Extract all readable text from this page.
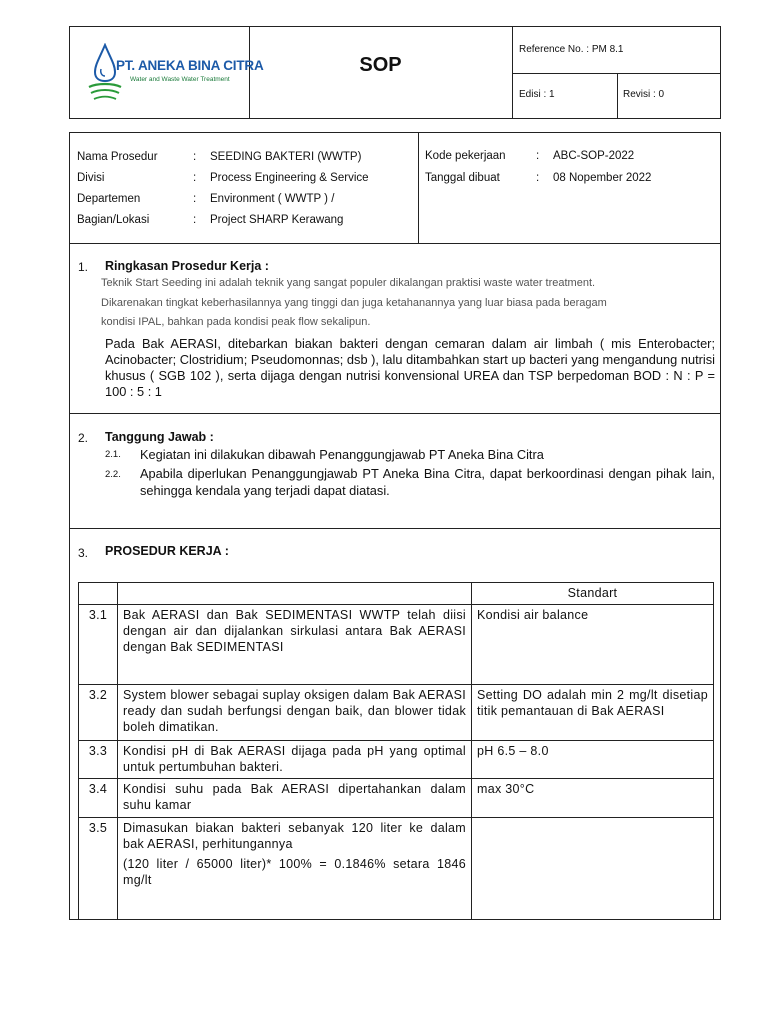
PT. ANEKA BINA CITRA
Water and Waste Water Treatment
SOP
Reference No. : PM 8.1
Edisi : 1	Revisi : 0
Nama Prosedur	: SEEDING BAKTERI (WWTP)
Divisi	: Process Engineering & Service
Departemen	: Environment ( WWTP ) /
Bagian/Lokasi	: Project SHARP Kerawang
Kode pekerjaan	: ABC-SOP-2022
Tanggal dibuat	: 08 Nopember 2022
1. Ringkasan Prosedur Kerja :
Teknik Start Seeding ini adalah teknik yang sangat populer dikalangan praktisi waste water treatment.
Dikarenakan tingkat keberhasilannya yang tinggi dan juga ketahanannya yang luar biasa pada beragam
kondisi IPAL, bahkan pada kondisi peak flow sekalipun.
Pada Bak AERASI, ditebarkan biakan bakteri dengan cemaran dalam air limbah ( mis Enterobacter; Acinobacter; Clostridium; Pseudomonnas; dsb ), lalu ditambahkan start up bacteri yang mengandung nutrisi khusus ( SGB 102 ), serta dijaga dengan nutrisi konvensional UREA dan TSP berpedoman BOD : N : P = 100 : 5 : 1
2. Tanggung Jawab :
2.1. Kegiatan ini dilakukan dibawah Penanggungjawab PT Aneka Bina Citra
2.2. Apabila diperlukan Penanggungjawab PT Aneka Bina Citra, dapat berkoordinasi dengan pihak lain, sehingga kendala yang terjadi dapat diatasi.
3. PROSEDUR KERJA :
		Standart
3.1	Bak AERASI dan Bak SEDIMENTASI WWTP telah diisi dengan air dan dijalankan sirkulasi antara Bak AERASI dengan Bak SEDIMENTASI	Kondisi air balance
3.2	System blower sebagai suplay oksigen dalam Bak AERASI ready dan sudah berfungsi dengan baik, dan blower tidak boleh dimatikan.	Setting DO adalah min 2 mg/lt disetiap titik pemantauan di Bak AERASI
3.3	Kondisi pH di Bak AERASI dijaga pada pH yang optimal untuk pertumbuhan bakteri.	pH 6.5 – 8.0
3.4	Kondisi suhu pada Bak AERASI dipertahankan dalam suhu kamar	max 30°C
3.5	Dimasukan biakan bakteri sebanyak 120 liter ke dalam bak AERASI, perhitungannya
(120 liter / 65000 liter)* 100% = 0.1846% setara 1846 mg/lt	
